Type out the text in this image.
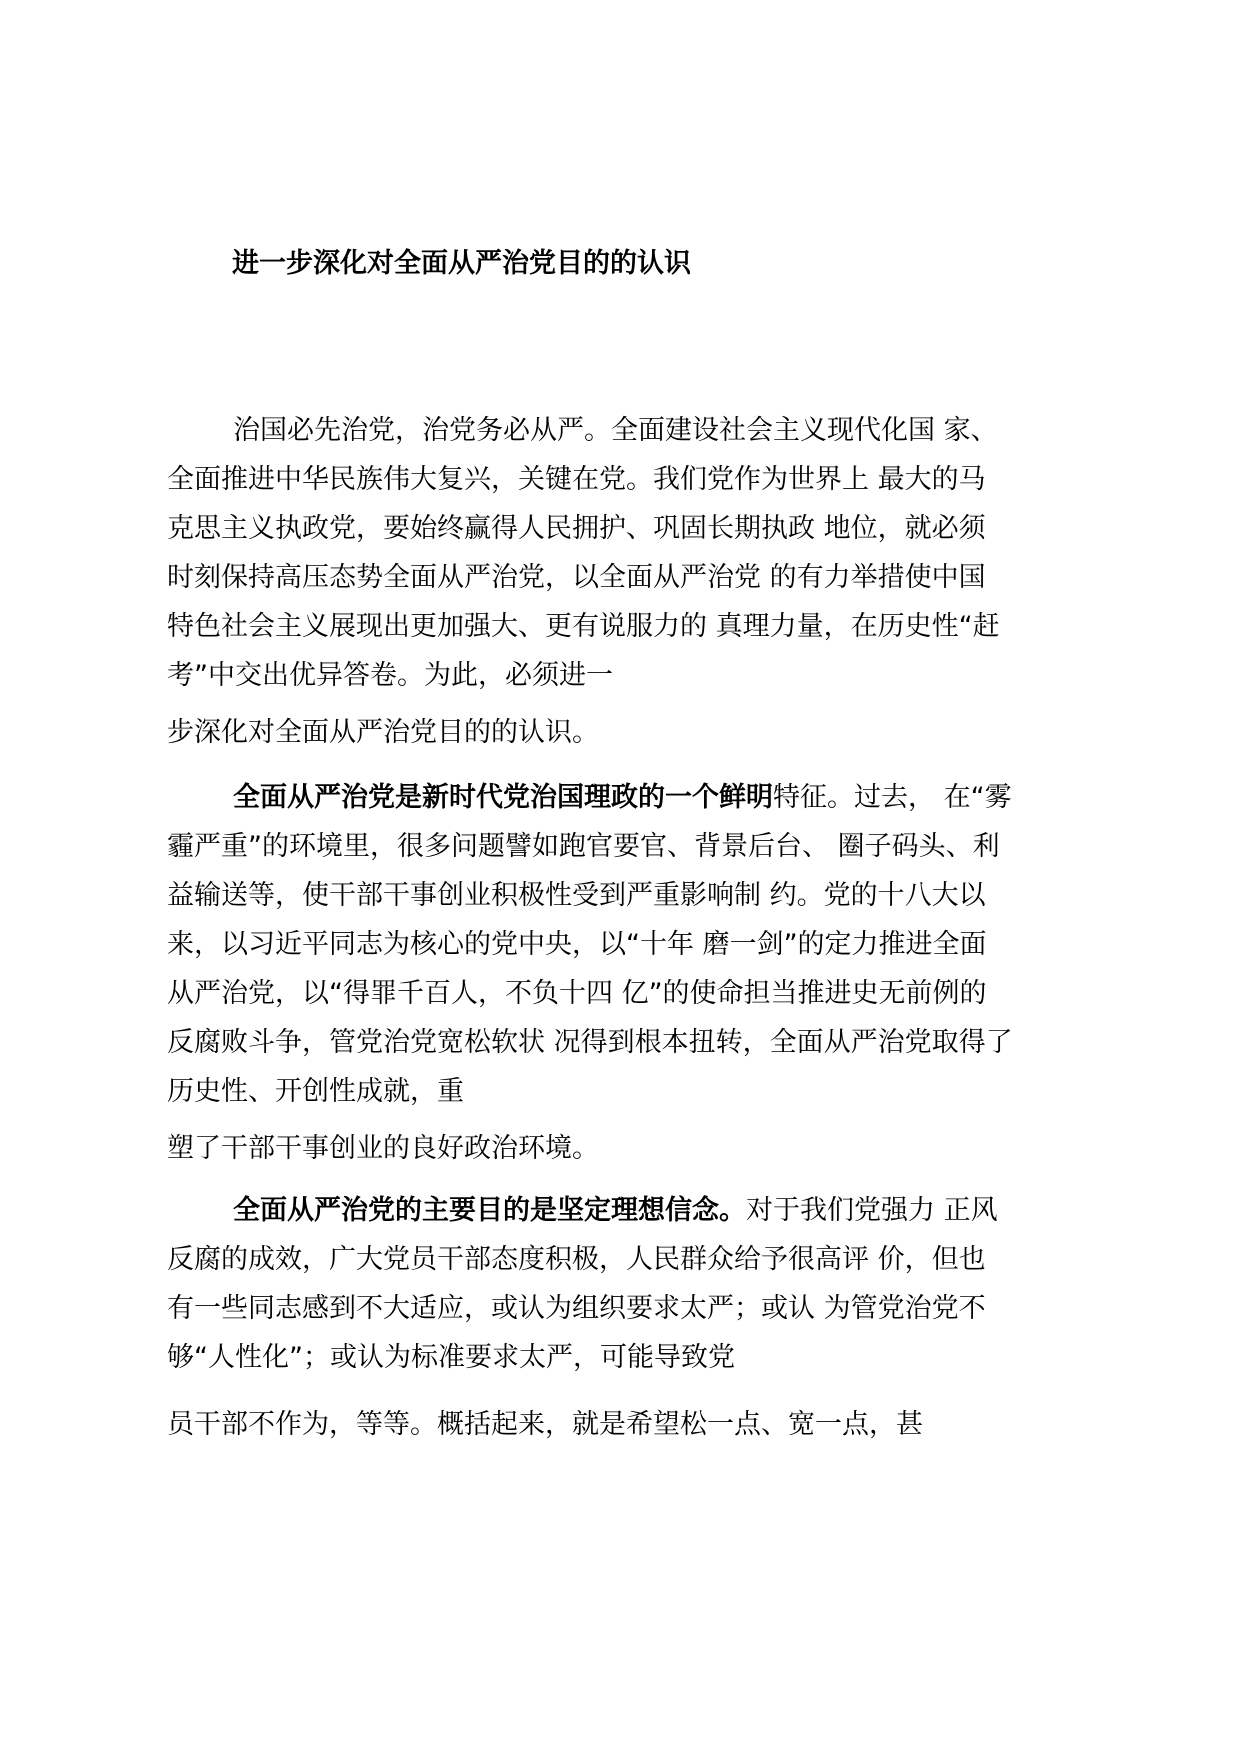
进一步深化对全面从严治党目的的认识
治国必先治党，治党务必从严。全面建设社会主义现代化国 家、
全面推进中华民族伟大复兴，关键在党。我们党作为世界上 最大的马
克思主义执政党，要始终赢得人民拥护、巩固长期执政 地位，就必须
时刻保持高压态势全面从严治党，以全面从严治党 的有力举措使中国
特色社会主义展现出更加强大、更有说服力的 真理力量，在历史性“赶
考”中交出优异答卷。为此，必须进一
步深化对全面从严治党目的的认识。
全面从严治党是新时代党治国理政的一个鲜明特征。过去， 在“雾
霾严重”的环境里，很多问题譬如跑官要官、背景后台、 圈子码头、利
益输送等，使干部干事创业积极性受到严重影响制 约。党的十八大以
来，以习近平同志为核心的党中央，以“十年 磨一剑”的定力推进全面
从严治党，以“得罪千百人，不负十四 亿”的使命担当推进史无前例的
反腐败斗争，管党治党宽松软状 况得到根本扭转，全面从严治党取得了
历史性、开创性成就，重
塑了干部干事创业的良好政治环境。
全面从严治党的主要目的是坚定理想信念。对于我们党强力 正风
反腐的成效，广大党员干部态度积极，人民群众给予很高评 价，但也
有一些同志感到不大适应，或认为组织要求太严；或认 为管党治党不
够“人性化”；或认为标准要求太严，可能导致党
员干部不作为，等等。概括起来，就是希望松一点、宽一点，甚
